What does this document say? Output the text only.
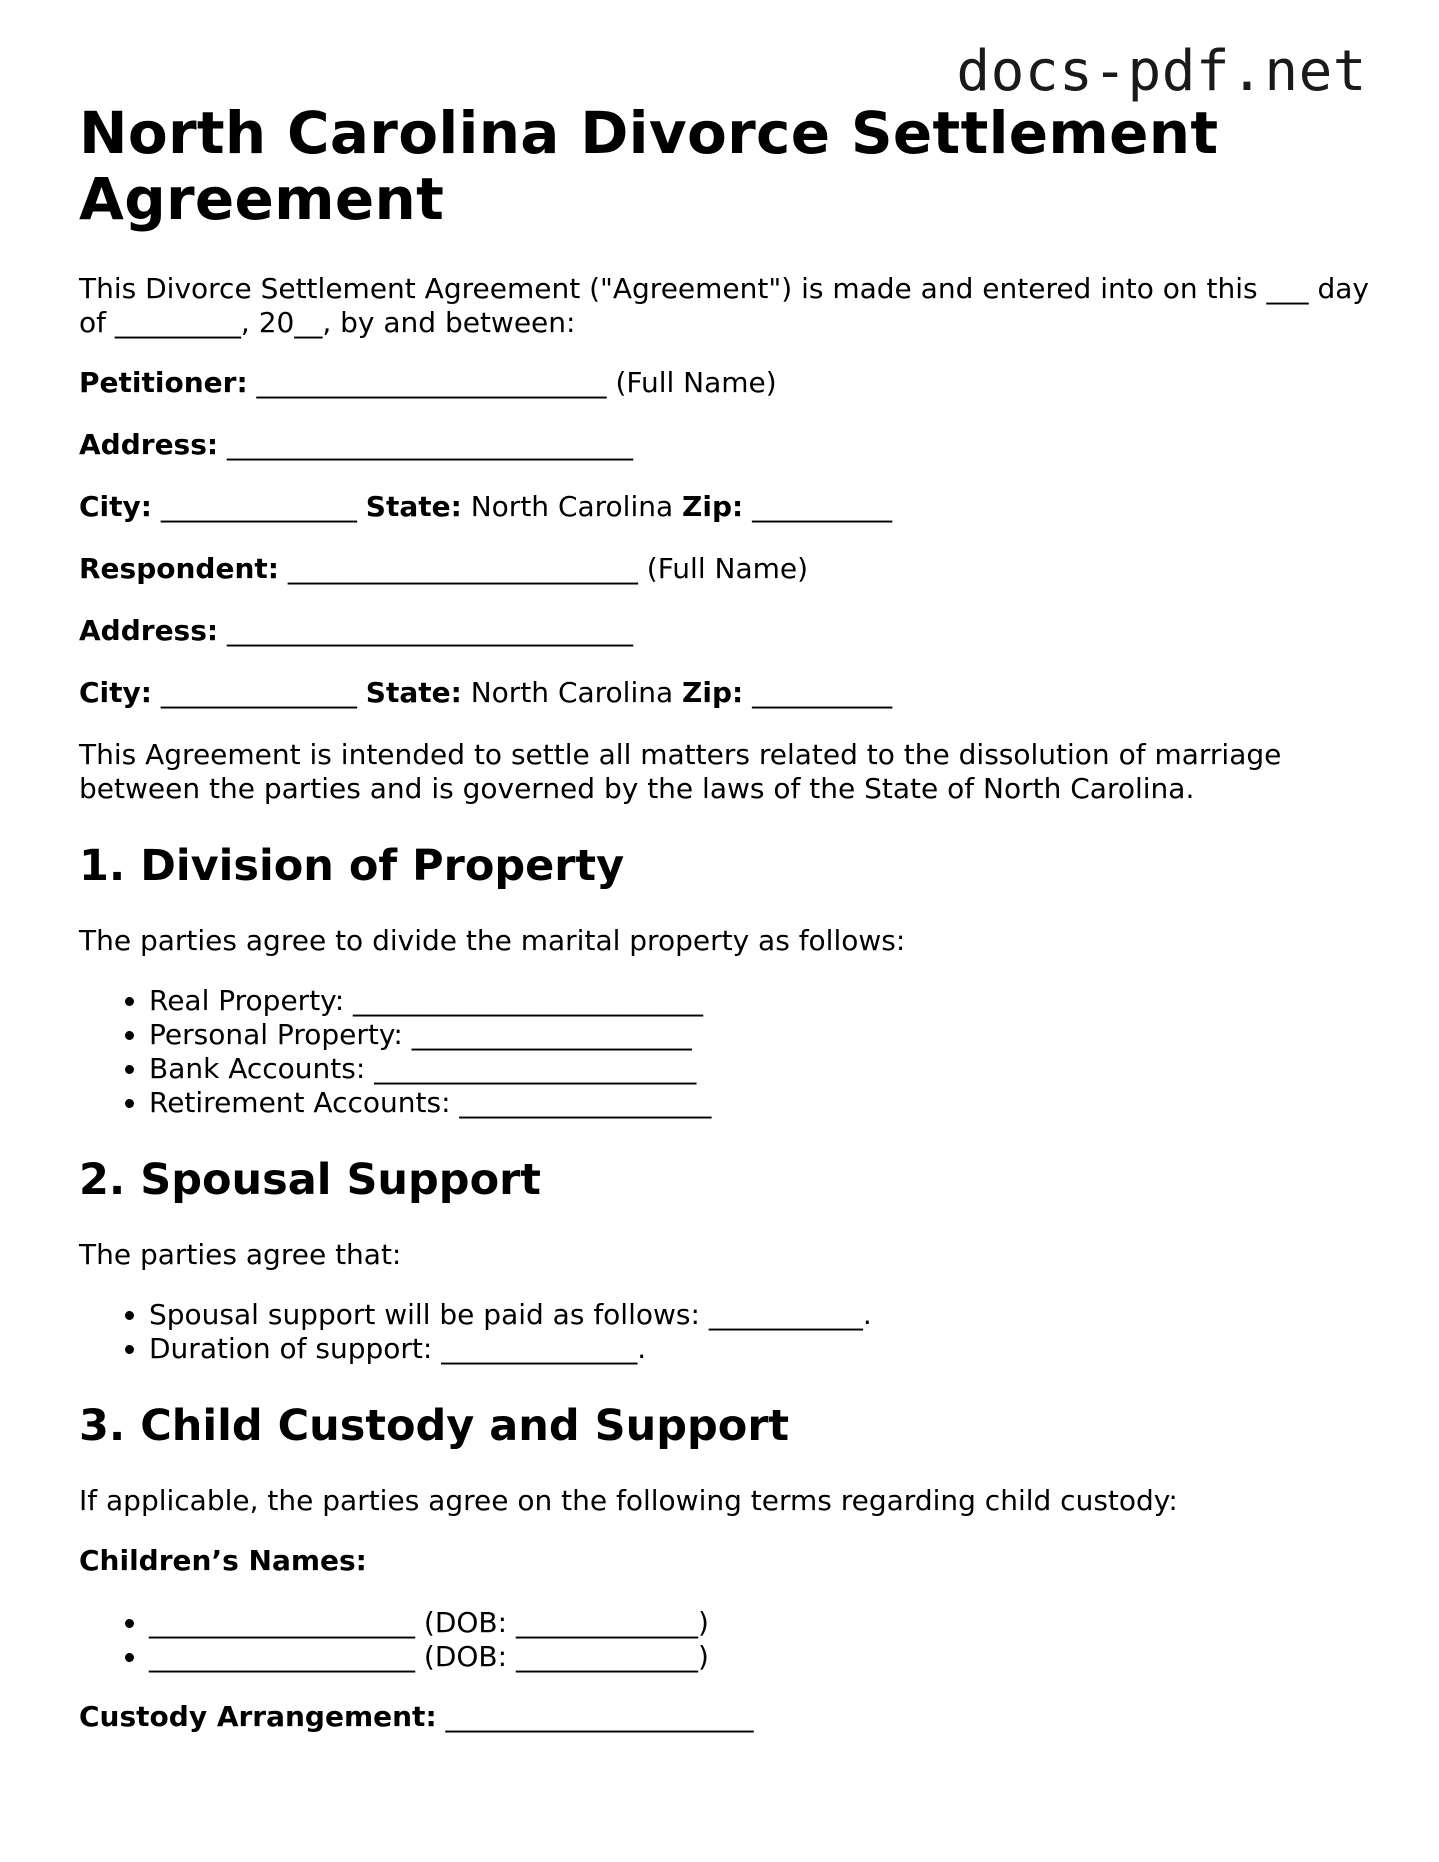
docs-pdf.net
North Carolina Divorce Settlement Agreement

This Divorce Settlement Agreement ("Agreement") is made and entered into on this ___ day of _________, 20__, by and between:

Petitioner: _________________________ (Full Name)
Address: _____________________________
City: ______________ State: North Carolina Zip: __________
Respondent: _________________________ (Full Name)
Address: _____________________________
City: ______________ State: North Carolina Zip: __________

This Agreement is intended to settle all matters related to the dissolution of marriage between the parties and is governed by the laws of the State of North Carolina.

1. Division of Property

The parties agree to divide the marital property as follows:

• Real Property: _________________________
• Personal Property: ____________________
• Bank Accounts: _______________________
• Retirement Accounts: __________________
2. Spousal Support

The parties agree that:

• Spousal support will be paid as follows: ___________.
• Duration of support: ______________.
3. Child Custody and Support

If applicable, the parties agree on the following terms regarding child custody:

Children’s Names:
• ___________________ (DOB: _____________)
• ___________________ (DOB: _____________)
Custody Arrangement: ______________________
